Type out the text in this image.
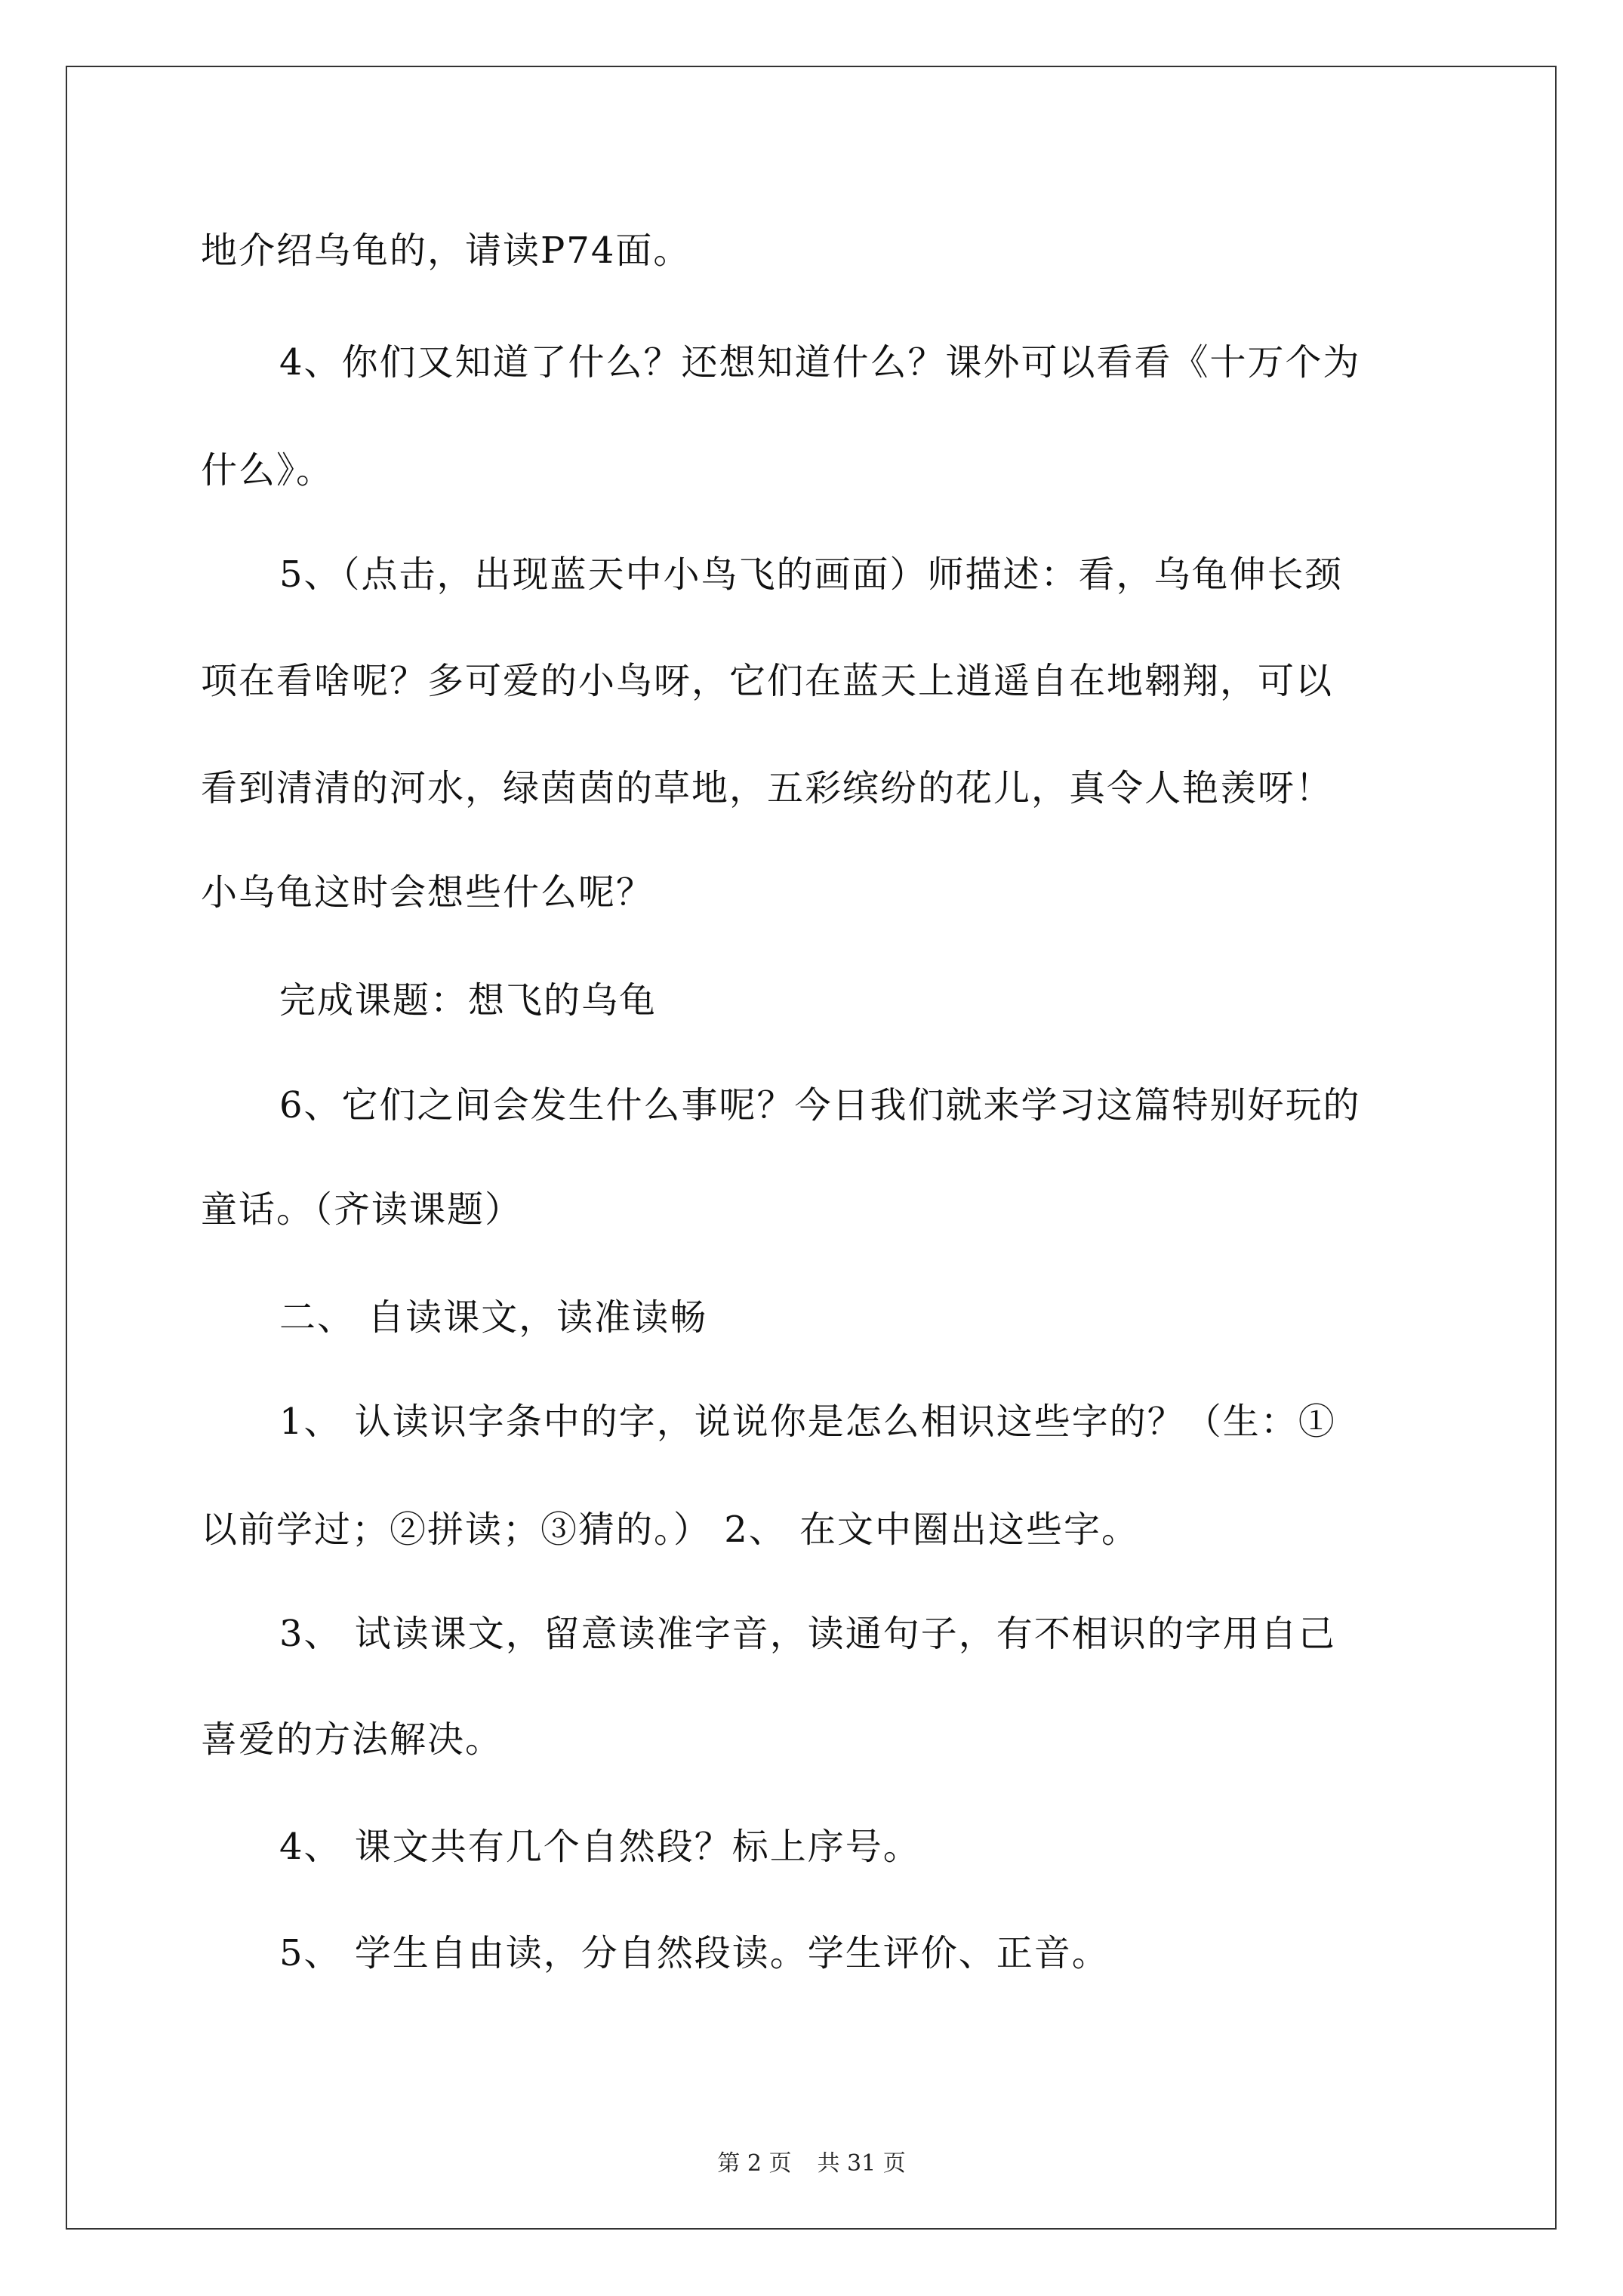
地介绍乌龟的，请读P74面。
4、你们又知道了什么？还想知道什么？课外可以看看《十万个为
什么》。
5、（点击，出现蓝天中小鸟飞的画面）师描述：看，乌龟伸长颈
项在看啥呢？多可爱的小鸟呀，它们在蓝天上逍遥自在地翱翔，可以
看到清清的河水，绿茵茵的草地，五彩缤纷的花儿，真令人艳羡呀！
小乌龟这时会想些什么呢？
完成课题：想飞的乌龟
6、它们之间会发生什么事呢？今日我们就来学习这篇特别好玩的
童话。（齐读课题）
二、 自读课文，读准读畅
1、 认读识字条中的字，说说你是怎么相识这些字的？（生：①
以前学过；②拼读；③猜的。） 2、 在文中圈出这些字。
3、 试读课文，留意读准字音，读通句子，有不相识的字用自己
喜爱的方法解决。
4、 课文共有几个自然段？标上序号。
5、 学生自由读，分自然段读。学生评价、正音。
第 2 页 共 31 页
